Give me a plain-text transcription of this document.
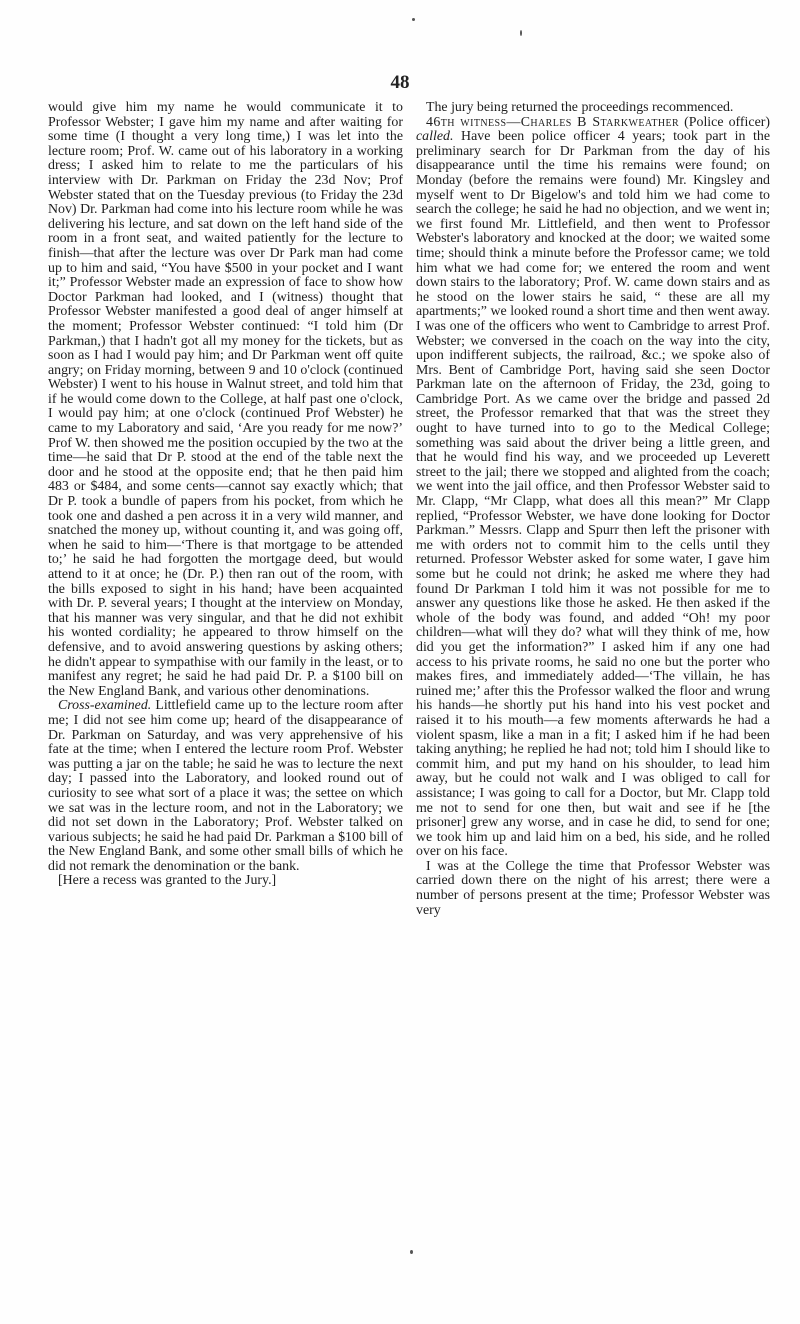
48

would give him my name he would communicate it to Professor Webster; I gave him my name and after waiting for some time (I thought a very long time,) I was let into the lecture room; Prof. W. came out of his laboratory in a working dress; I asked him to relate to me the particulars of his interview with Dr. Parkman on Friday the 23d Nov; Prof Webster stated that on the Tuesday previous (to Friday the 23d Nov) Dr. Parkman had come into his lecture room while he was delivering his lecture, and sat down on the left hand side of the room in a front seat, and waited patiently for the lecture to finish—that after the lecture was over Dr Park man had come up to him and said, “You have $500 in your pocket and I want it;” Professor Webster made an expression of face to show how Doctor Parkman had looked, and I (witness) thought that Professor Webster manifested a good deal of anger himself at the moment; Professor Webster continued: “I told him (Dr Parkman,) that I hadn't got all my money for the tickets, but as soon as I had I would pay him; and Dr Parkman went off quite angry; on Friday morning, between 9 and 10 o'clock (continued Webster) I went to his house in Walnut street, and told him that if he would come down to the College, at half past one o'clock, I would pay him; at one o'clock (continued Prof Webster) he came to my Laboratory and said, ‘Are you ready for me now?’ Prof W. then showed me the position occupied by the two at the time—he said that Dr P. stood at the end of the table next the door and he stood at the opposite end; that he then paid him 483 or $484, and some cents—cannot say exactly which; that Dr P. took a bundle of papers from his pocket, from which he took one and dashed a pen across it in a very wild manner, and snatched the money up, without counting it, and was going off, when he said to him—‘There is that mortgage to be attended to;’ he said he had forgotten the mortgage deed, but would attend to it at once; he (Dr. P.) then ran out of the room, with the bills exposed to sight in his hand; have been acquainted with Dr. P. several years; I thought at the interview on Monday, that his manner was very singular, and that he did not exhibit his wonted cordiality; he appeared to throw himself on the defensive, and to avoid answering questions by asking others; he didn't appear to sympathise with our family in the least, or to manifest any regret; he said he had paid Dr. P. a $100 bill on the New England Bank, and various other denominations.

Cross-examined. Littlefield came up to the lecture room after me; I did not see him come up; heard of the disappearance of Dr. Parkman on Saturday, and was very apprehensive of his fate at the time; when I entered the lecture room Prof. Webster was putting a jar on the table; he said he was to lecture the next day; I passed into the Laboratory, and looked round out of curiosity to see what sort of a place it was; the settee on which we sat was in the lecture room, and not in the Laboratory; we did not set down in the Laboratory; Prof. Webster talked on various subjects; he said he had paid Dr. Parkman a $100 bill of the New England Bank, and some other small bills of which he did not remark the denomination or the bank.

[Here a recess was granted to the Jury.]

The jury being returned the proceedings recommenced.

46th witness—Charles B Starkweather (Police officer) called. Have been police officer 4 years; took part in the preliminary search for Dr Parkman from the day of his disappearance until the time his remains were found; on Monday (before the remains were found) Mr. Kingsley and myself went to Dr Bigelow's and told him we had come to search the college; he said he had no objection, and we went in; we first found Mr. Littlefield, and then went to Professor Webster's laboratory and knocked at the door; we waited some time; should think a minute before the Professor came; we told him what we had come for; we entered the room and went down stairs to the laboratory; Prof. W. came down stairs and as he stood on the lower stairs he said, “ these are all my apartments;” we looked round a short time and then went away. I was one of the officers who went to Cambridge to arrest Prof. Webster; we conversed in the coach on the way into the city, upon indifferent subjects, the railroad, &c.; we spoke also of Mrs. Bent of Cambridge Port, having said she seen Doctor Parkman late on the afternoon of Friday, the 23d, going to Cambridge Port. As we came over the bridge and passed 2d street, the Professor remarked that that was the street they ought to have turned into to go to the Medical College; something was said about the driver being a little green, and that he would find his way, and we proceeded up Leverett street to the jail; there we stopped and alighted from the coach; we went into the jail office, and then Professor Webster said to Mr. Clapp, “Mr Clapp, what does all this mean?” Mr Clapp replied, “Professor Webster, we have done looking for Doctor Parkman.” Messrs. Clapp and Spurr then left the prisoner with me with orders not to commit him to the cells until they returned. Professor Webster asked for some water, I gave him some but he could not drink; he asked me where they had found Dr Parkman I told him it was not possible for me to answer any questions like those he asked. He then asked if the whole of the body was found, and added “Oh! my poor children—what will they do? what will they think of me, how did you get the information?” I asked him if any one had access to his private rooms, he said no one but the porter who makes fires, and immediately added—‘The villain, he has ruined me;’ after this the Professor walked the floor and wrung his hands—he shortly put his hand into his vest pocket and raised it to his mouth—a few moments afterwards he had a violent spasm, like a man in a fit; I asked him if he had been taking anything; he replied he had not; told him I should like to commit him, and put my hand on his shoulder, to lead him away, but he could not walk and I was obliged to call for assistance; I was going to call for a Doctor, but Mr. Clapp told me not to send for one then, but wait and see if he [the prisoner] grew any worse, and in case he did, to send for one; we took him up and laid him on a bed, his side, and he rolled over on his face.

I was at the College the time that Professor Webster was carried down there on the night of his arrest; there were a number of persons present at the time; Professor Webster was very
